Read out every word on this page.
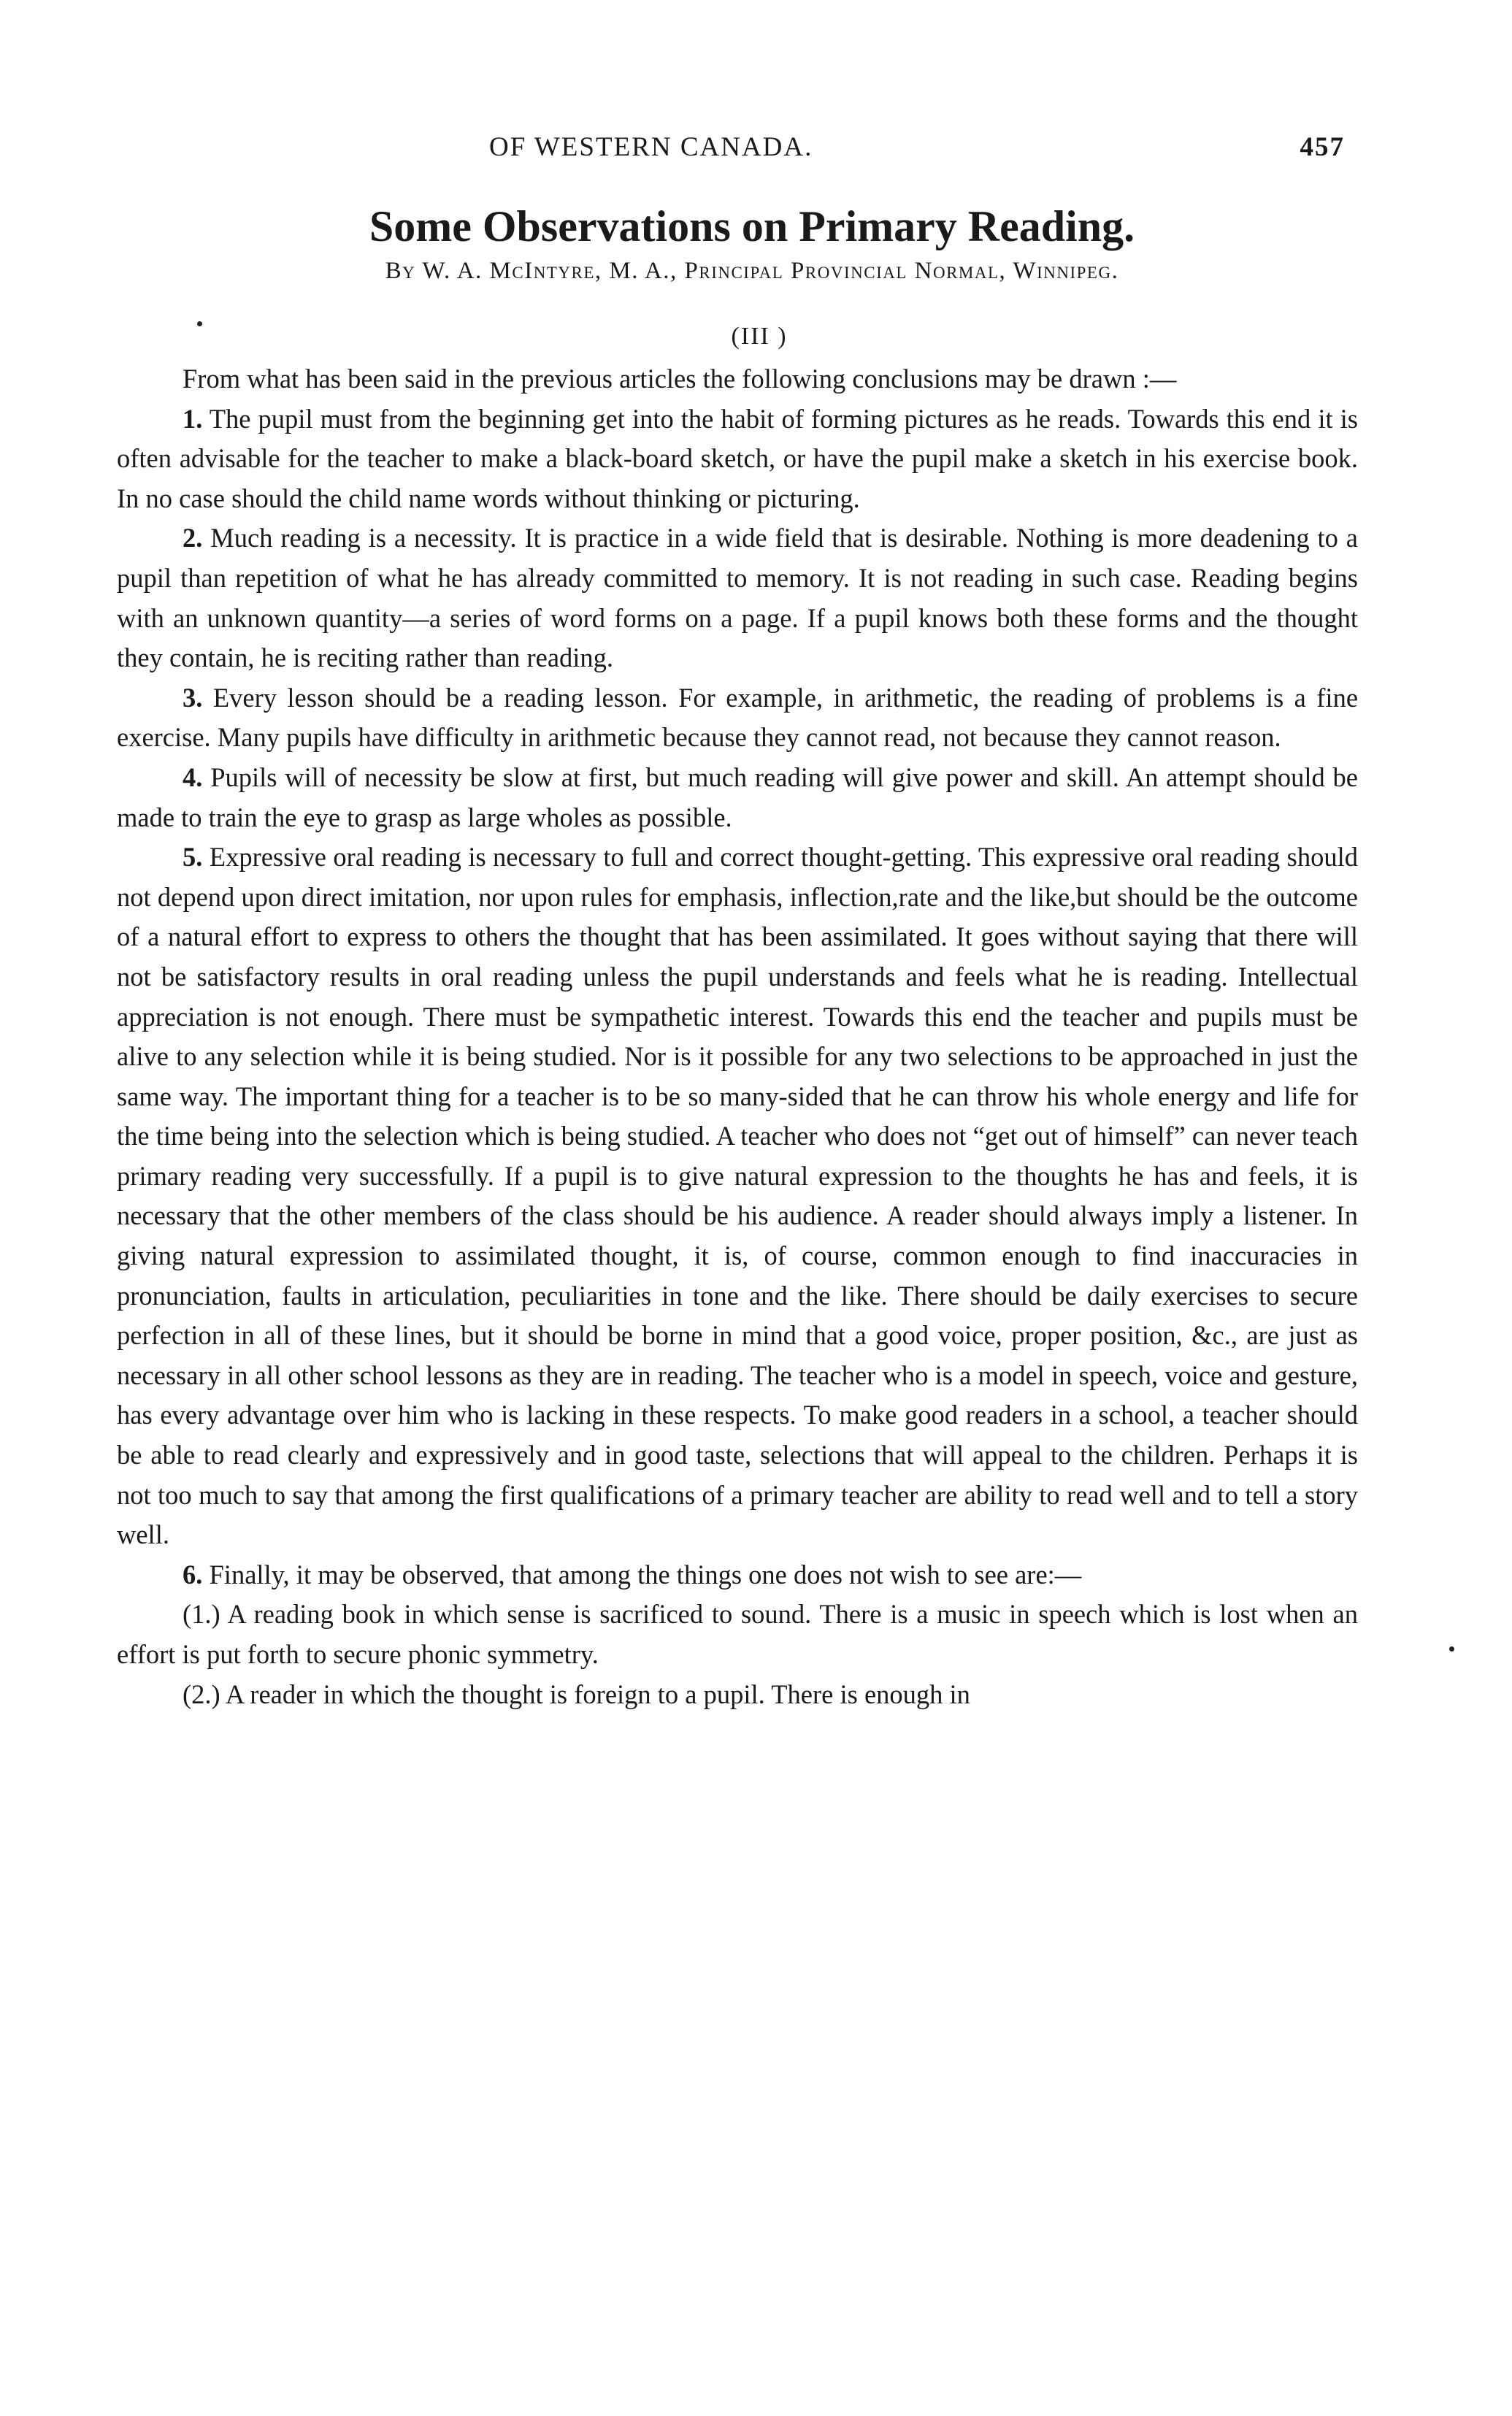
OF WESTERN CANADA.	457
Some Observations on Primary Reading.
By W. A. McIntyre, M. A., Principal Provincial Normal, Winnipeg.
(III )

From what has been said in the previous articles the following conclusions may be drawn :—

1. The pupil must from the beginning get into the habit of forming pictures as he reads. Towards this end it is often advisable for the teacher to make a black-board sketch, or have the pupil make a sketch in his exercise book. In no case should the child name words without thinking or picturing.

2. Much reading is a necessity. It is practice in a wide field that is desirable. Nothing is more deadening to a pupil than repetition of what he has already committed to memory. It is not reading in such case. Reading begins with an unknown quantity—a series of word forms on a page. If a pupil knows both these forms and the thought they contain, he is reciting rather than reading.

3. Every lesson should be a reading lesson. For example, in arithmetic, the reading of problems is a fine exercise. Many pupils have difficulty in arithmetic because they cannot read, not because they cannot reason.

4. Pupils will of necessity be slow at first, but much reading will give power and skill. An attempt should be made to train the eye to grasp as large wholes as possible.

5. Expressive oral reading is necessary to full and correct thought-getting. This expressive oral reading should not depend upon direct imitation, nor upon rules for emphasis, inflection,rate and the like,but should be the outcome of a natural effort to express to others the thought that has been assimilated. It goes without saying that there will not be satisfactory results in oral reading unless the pupil understands and feels what he is reading. Intellectual appreciation is not enough. There must be sympathetic interest. Towards this end the teacher and pupils must be alive to any selection while it is being studied. Nor is it possible for any two selections to be approached in just the same way. The important thing for a teacher is to be so many-sided that he can throw his whole energy and life for the time being into the selection which is being studied. A teacher who does not “get out of himself” can never teach primary reading very successfully. If a pupil is to give natural expression to the thoughts he has and feels, it is necessary that the other members of the class should be his audience. A reader should always imply a listener. In giving natural expression to assimilated thought, it is, of course, common enough to find inaccuracies in pronunciation, faults in articulation, peculiarities in tone and the like. There should be daily exercises to secure perfection in all of these lines, but it should be borne in mind that a good voice, proper position, &c., are just as necessary in all other school lessons as they are in reading. The teacher who is a model in speech, voice and gesture, has every advantage over him who is lacking in these respects. To make good readers in a school, a teacher should be able to read clearly and expressively and in good taste, selections that will appeal to the children. Perhaps it is not too much to say that among the first qualifications of a primary teacher are ability to read well and to tell a story well.

6. Finally, it may be observed, that among the things one does not wish to see are:—

(1.) A reading book in which sense is sacrificed to sound. There is a music in speech which is lost when an effort is put forth to secure phonic symmetry.

(2.) A reader in which the thought is foreign to a pupil. There is enough in
